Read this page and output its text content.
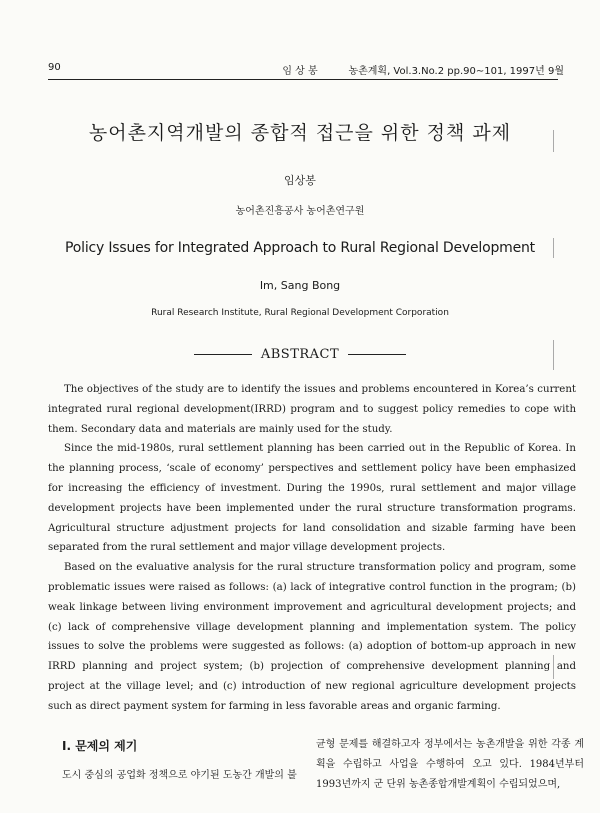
90	임 상 봉	농촌계획, Vol.3.No.2 pp.90∼101, 1997년 9월
농어촌지역개발의 종합적 접근을 위한 정책 과제
임상봉
농어촌진흥공사 농어촌연구원
Policy Issues for Integrated Approach to Rural Regional Development
Im, Sang Bong
Rural Research Institute, Rural Regional Development Corporation
ABSTRACT

The objectives of the study are to identify the issues and problems encountered in Korea’s current integrated rural regional development(IRRD) program and to suggest policy remedies to cope with them. Secondary data and materials are mainly used for the study.

Since the mid-1980s, rural settlement planning has been carried out in the Republic of Korea. In the planning process, ‘scale of economy’ perspectives and settlement policy have been emphasized for increasing the efficiency of investment. During the 1990s, rural settlement and major village development projects have been implemented under the rural structure transformation programs. Agricultural structure adjustment projects for land consolidation and sizable farming have been separated from the rural settlement and major village development projects.

Based on the evaluative analysis for the rural structure transformation policy and program, some problematic issues were raised as follows: (a) lack of integrative control function in the program; (b) weak linkage between living environment improvement and agricultural development projects; and (c) lack of comprehensive village development planning and implementation system. The policy issues to solve the problems were suggested as follows: (a) adoption of bottom-up approach in new IRRD planning and project system; (b) projection of comprehensive development planning and project at the village level; and (c) introduction of new regional agriculture development projects such as direct payment system for farming in less favorable areas and organic farming.

Ⅰ. 문제의 제기
도시 중심의 공업화 정책으로 야기된 도농간 개발의 불
균형 문제를 해결하고자 정부에서는 농촌개발을 위한 각종 계획을 수립하고 사업을 수행하여 오고 있다. 1984년부터 1993년까지 군 단위 농촌종합개발계획이 수립되었으며,
